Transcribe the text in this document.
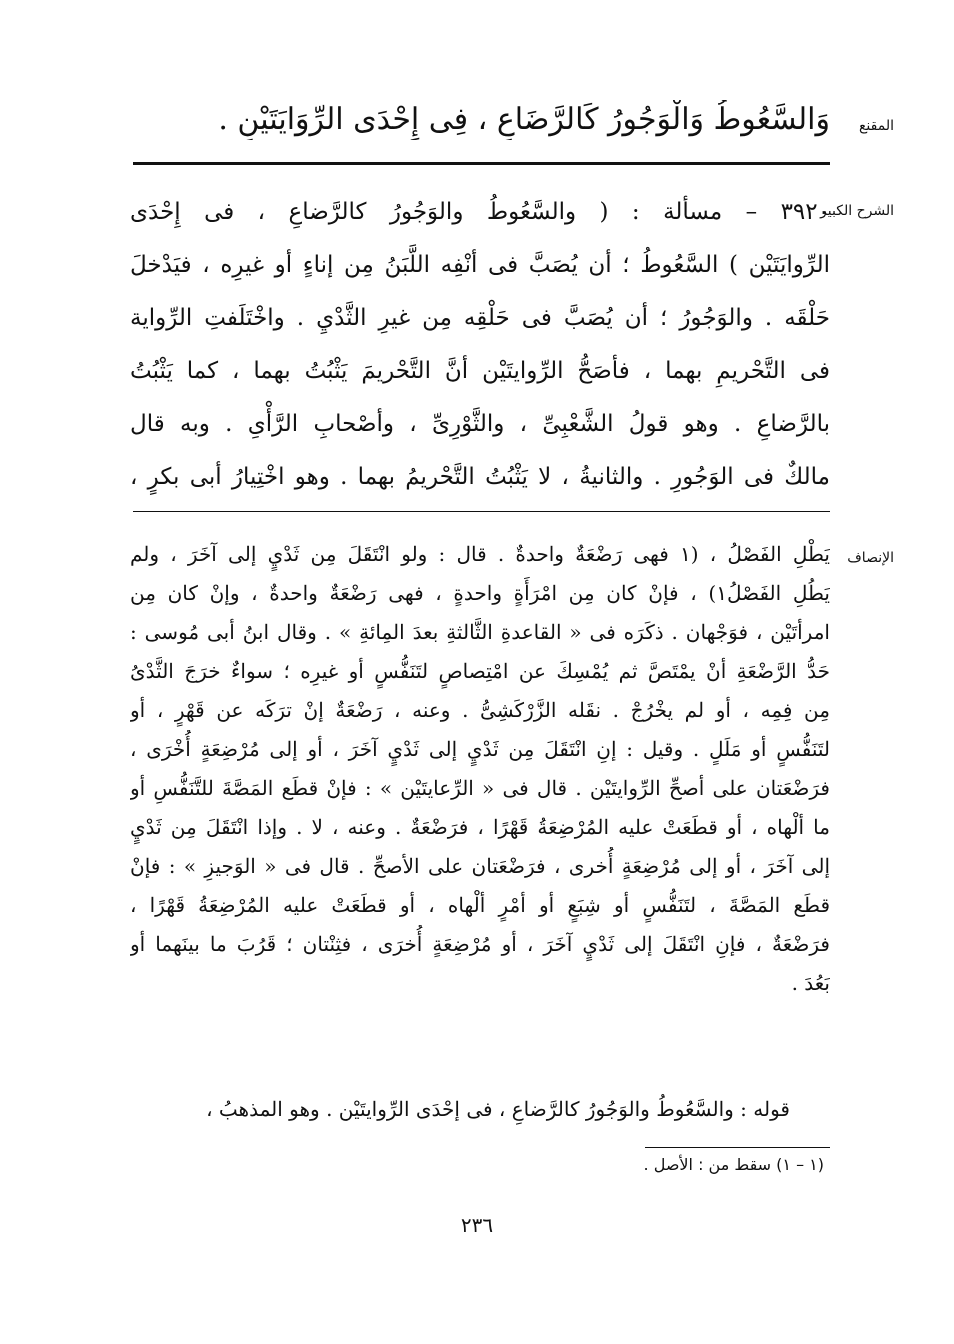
المقنع
وَالسَّعُوطُ وَالْوَجُورُ كَالرَّضَاعِ ، فِى إِحْدَى الرِّوَايَتَيْنِ .
الشرح الكبير
٣٩٢٠ – مسألة : ( والسَّعُوطُ والوَجُورُ كالرَّضاعِ ، فى إِحْدَى
الرِّوايَتَيْن ) السَّعُوطُ ؛ أن يُصَبَّ فى أنْفِه اللَّبَنُ مِن إناءٍ أو غيرِه ، فيَدْخلَ
حَلْقَه . والوَجُورُ ؛ أن يُصَبَّ فى حَلْقِه مِن غيرِ الثَّدْيِ . واخْتَلَفتِ الرِّواية
فى التَّحْريمِ بهما ، فأصَحُّ الرِّوايتَيْن أنَّ التَّحْريمَ يَثْبُتُ بهما ، كما يَثْبُتُ
بالرَّضاعِ . وهو قولُ الشَّعْبِىِّ ، والثَّوْرِىِّ ، وأصْحابِ الرَّأْىِ . وبه قال
مالكٌ فى الوَجُورِ . والثانيةُ ، لا يَثْبُتُ التَّحْريمُ بهما . وهو اخْتِيارُ أبى بكرٍ ،
الإنصاف
يَطْلِ الفَصْلُ ، (١ فهى رَضْعَةٌ واحدةٌ . قال : ولو انْتَقَلَ مِن ثَدْيٍ إلى آخَرَ ، ولم
يَطُلِ الفَصْلُ١) ، فإنْ كان مِن امْرَأَةٍ واحدةٍ ، فهى رَضْعَةٌ واحدةٌ ، وإنْ كان مِن
امرأتَيْن ، فوَجْهان . ذكَرَه فى « القاعدةِ الثَّالثةِ بعدَ المِائةِ » . وقال ابنُ أبى مُوسى :
حَدُّ الرَّضْعَةِ أنْ يمْتَصَّ ثم يُمْسِكَ عن امْتِصاصٍ لتَنَفُّسٍ أو غيرِه ؛ سواءٌ خرَجَ الثَّدْىُ
مِن فِمِه ، أو لم يخْرُجْ . نقَله الزَّرْكَشِىُّ . وعنه ، رَضْعَةٌ إنْ ترَكَه عن قَهْرٍ ، أو
لتَنَفُّسٍ أو مَلَلٍ . وقيل : إنِ انْتَقَلَ مِن ثَدْيٍ إلى ثَدْيٍ آخَرَ ، أو إلى مُرْضِعَةٍ أُخْرَى ،
فرَضْعَتان على أصحِّ الرِّوايتَيْن . قال فى « الرِّعايتَيْن » : فإنْ قطَع المَصَّةَ للتَّنَفُّسِ أو
ما ألْهاه ، أو قطَعَتْ عليه المُرْضِعَةُ قَهْرًا ، فرَضْعَةٌ . وعنه ، لا . وإذا انْتَقَلَ مِن ثَدْيٍ
إلى آخَرَ ، أو إلى مُرْضِعَةٍ أُخرى ، فرَضْعَتان على الأصحِّ . قال فى « الوَجيزِ » : فإنْ
قطَع المَصَّةَ ، لتَنَفُّسٍ أو شِبَعٍ أو أمْرٍ ألْهاه ، أو قطَعَتْ عليه المُرْضِعَةُ قَهْرًا ،
فرَضْعَةٌ ، فإنِ انْتَقَلَ إلى ثَدْيٍ آخَرَ ، أو مُرْضِعَةٍ أُخرَى ، فثِنْتان ؛ قَرُبَ ما بينَهما أو
بَعُدَ .
قوله : والسَّعُوطُ والوَجُورُ كالرَّضاعِ ، فى إحْدَى الرِّوايتَيْن . وهو المذهبُ ،
(١ – ١) سقط من : الأصل .
٢٣٦
